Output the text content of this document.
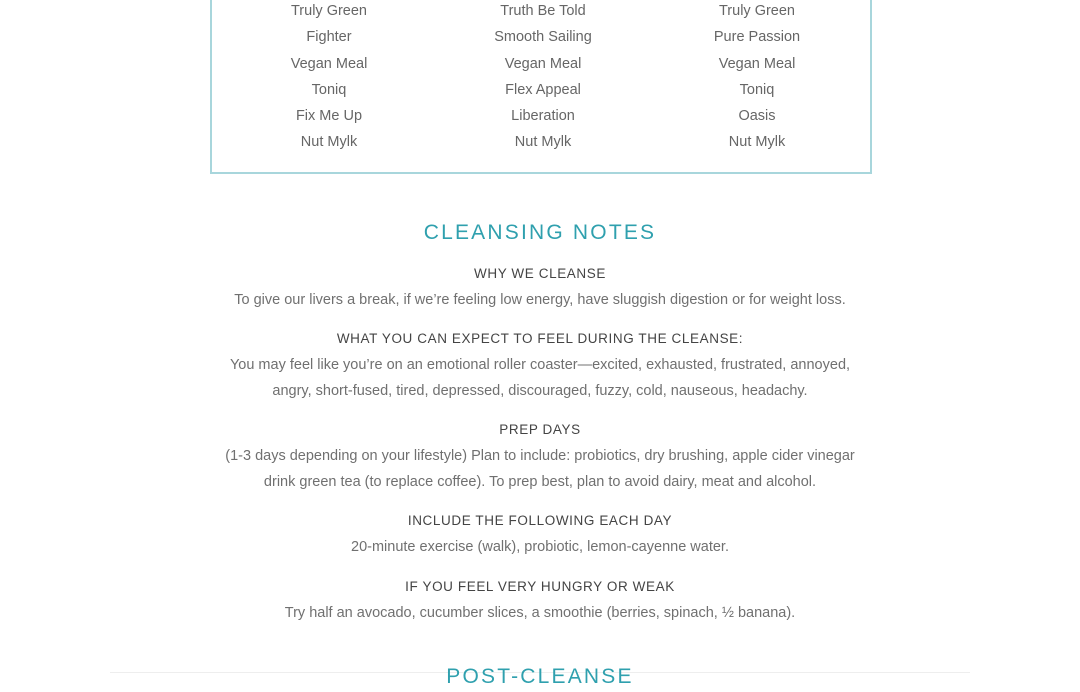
Truly Green
Fighter
Vegan Meal
Toniq
Fix Me Up
Nut Mylk
Truth Be Told
Smooth Sailing
Vegan Meal
Flex Appeal
Liberation
Nut Mylk
Truly Green
Pure Passion
Vegan Meal
Toniq
Oasis
Nut Mylk
CLEANSING NOTES
WHY WE CLEANSE
To give our livers a break, if we’re feeling low energy, have sluggish digestion or for weight loss.
WHAT YOU CAN EXPECT TO FEEL DURING THE CLEANSE:
You may feel like you’re on an emotional roller coaster—excited, exhausted, frustrated, annoyed,
angry, short-fused, tired, depressed, discouraged, fuzzy, cold, nauseous, headachy.
PREP DAYS
(1-3 days depending on your lifestyle) Plan to include: probiotics, dry brushing, apple cider vinegar
drink green tea (to replace coffee). To prep best, plan to avoid dairy, meat and alcohol.
INCLUDE THE FOLLOWING EACH DAY
20-minute exercise (walk), probiotic, lemon-cayenne water.
IF YOU FEEL VERY HUNGRY OR WEAK
Try half an avocado, cucumber slices, a smoothie (berries, spinach, ½ banana).
POST-CLEANSE
